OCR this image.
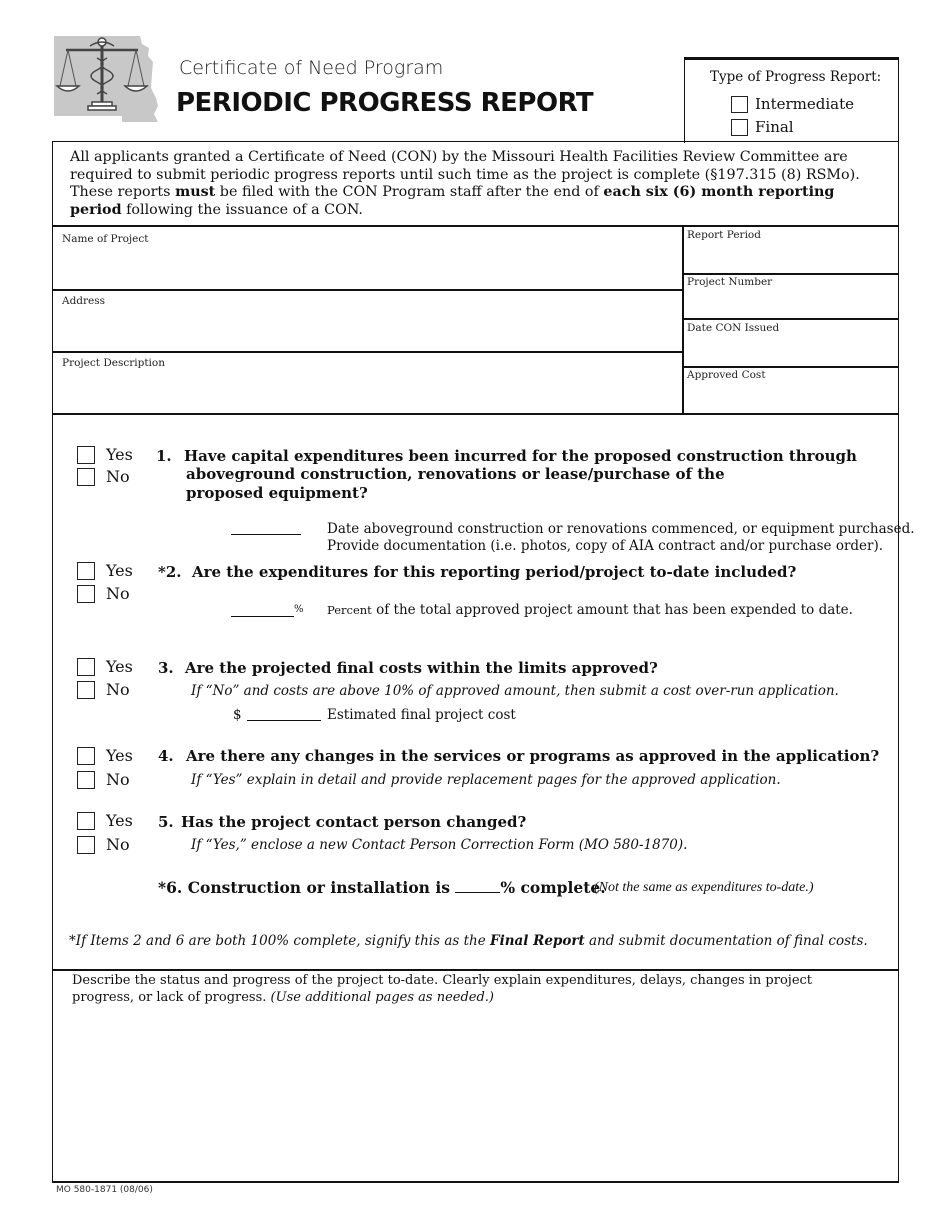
Certificate of Need Program
PERIODIC PROGRESS REPORT
Type of Progress Report:
Intermediate
Final
All applicants granted a Certificate of Need (CON) by the Missouri Health Facilities Review Committee are required to submit periodic progress reports until such time as the project is complete (§197.315 (8) RSMo). These reports must be filed with the CON Program staff after the end of each six (6) month reporting period following the issuance of a CON.
Name of Project
Address
Project Description
Report Period
Project Number
Date CON Issued
Approved Cost
Yes
No
1. Have capital expenditures been incurred for the proposed construction through
aboveground construction, renovations or lease/purchase of the
proposed equipment?
Date aboveground construction or renovations commenced, or equipment purchased.
Provide documentation (i.e. photos, copy of AIA contract and/or purchase order).
Yes
No
*2. Are the expenditures for this reporting period/project to-date included?
% Percent of the total approved project amount that has been expended to date.
Yes
No
3. Are the projected final costs within the limits approved?
If “No” and costs are above 10% of approved amount, then submit a cost over-run application.
$	Estimated final project cost
Yes
No
4. Are there any changes in the services or programs as approved in the application?
If “Yes” explain in detail and provide replacement pages for the approved application.
Yes
No
5. Has the project contact person changed?
If “Yes,” enclose a new Contact Person Correction Form (MO 580-1870).
*6. Construction or installation is	% complete.
(Not the same as expenditures to-date.)
*If Items 2 and 6 are both 100% complete, signify this as the Final Report and submit documentation of final costs.
Describe the status and progress of the project to-date. Clearly explain expenditures, delays, changes in project progress, or lack of progress. (Use additional pages as needed.)
MO 580-1871 (08/06)
